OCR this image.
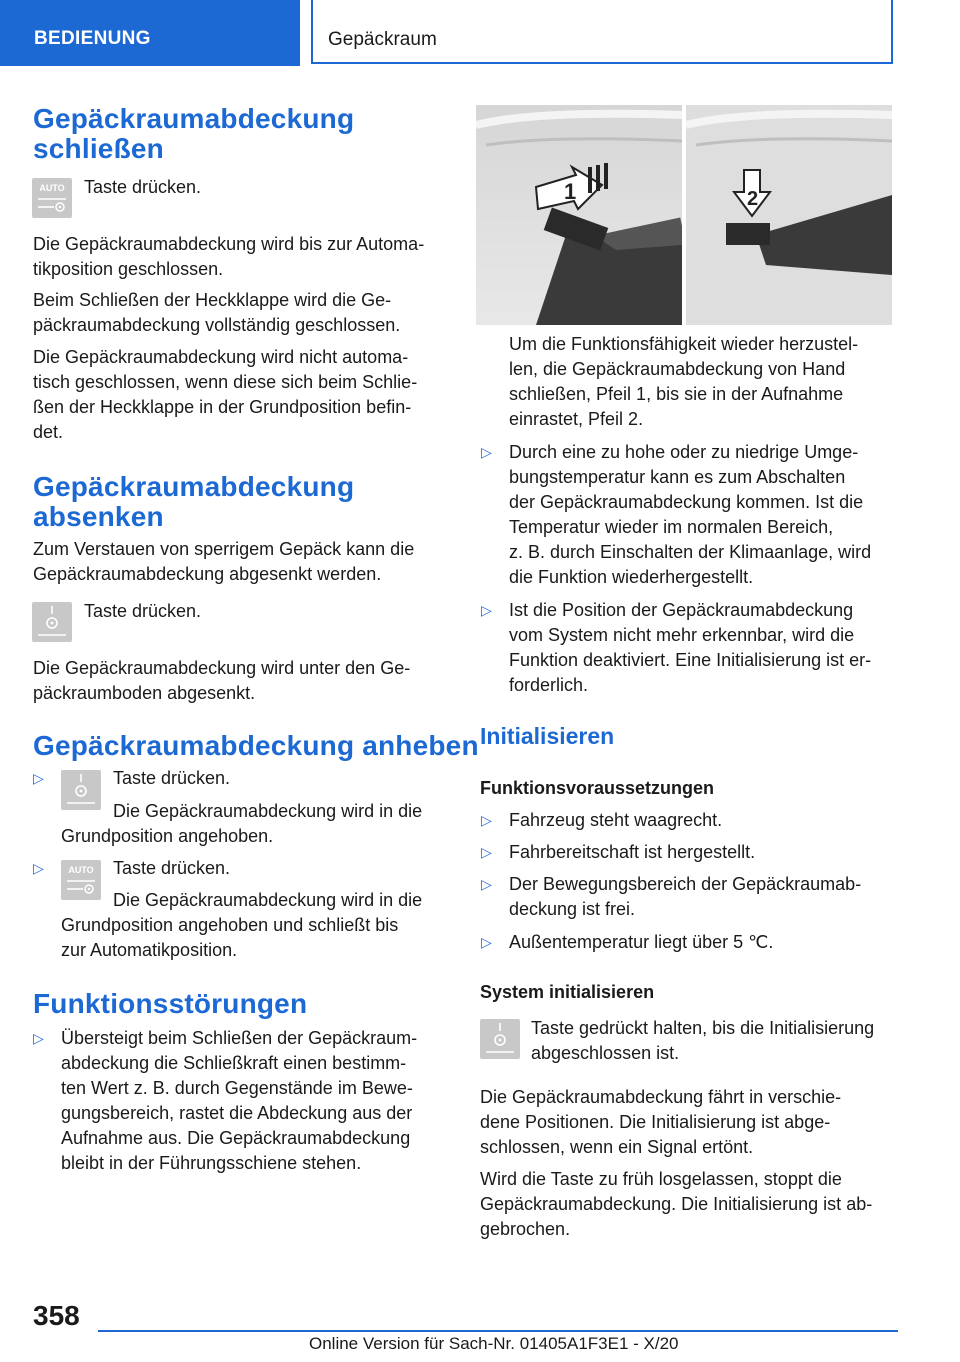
BEDIENUNG	Gepäckraum
Gepäckraumabdeckung
schließen
AUTO Taste drücken.
Die Gepäckraumabdeckung wird bis zur Automa‐
tikposition geschlossen.
Beim Schließen der Heckklappe wird die Ge‐
päckraumabdeckung vollständig geschlossen.
Die Gepäckraumabdeckung wird nicht automa‐
tisch geschlossen, wenn diese sich beim Schlie‐
ßen der Heckklappe in der Grundposition befin‐
det.
Gepäckraumabdeckung
absenken
Zum Verstauen von sperrigem Gepäck kann die
Gepäckraumabdeckung abgesenkt werden.
Taste drücken.
Die Gepäckraumabdeckung wird unter den Ge‐
päckraumboden abgesenkt.
Gepäckraumabdeckung anheben
▷	Taste drücken.
Die Gepäckraumabdeckung wird in die
Grundposition angehoben.
▷	AUTO Taste drücken.
Die Gepäckraumabdeckung wird in die
Grundposition angehoben und schließt bis
zur Automatikposition.
Funktionsstörungen
▷ Übersteigt beim Schließen der Gepäckraum‐
abdeckung die Schließkraft einen bestimm‐
ten Wert z. B. durch Gegenstände im Bewe‐
gungsbereich, rastet die Abdeckung aus der
Aufnahme aus. Die Gepäckraumabdeckung
bleibt in der Führungsschiene stehen.
1	2
Um die Funktionsfähigkeit wieder herzustel‐
len, die Gepäckraumabdeckung von Hand
schließen, Pfeil 1, bis sie in der Aufnahme
einrastet, Pfeil 2.
▷ Durch eine zu hohe oder zu niedrige Umge‐
bungstemperatur kann es zum Abschalten
der Gepäckraumabdeckung kommen. Ist die
Temperatur wieder im normalen Bereich,
z. B. durch Einschalten der Klimaanlage, wird
die Funktion wiederhergestellt.
▷ Ist die Position der Gepäckraumabdeckung
vom System nicht mehr erkennbar, wird die
Funktion deaktiviert. Eine Initialisierung ist er‐
forderlich.
Initialisieren
Funktionsvoraussetzungen
▷ Fahrzeug steht waagrecht.
▷ Fahrbereitschaft ist hergestellt.
▷ Der Bewegungsbereich der Gepäckraumab‐
deckung ist frei.
▷ Außentemperatur liegt über 5 ℃.
System initialisieren
Taste gedrückt halten, bis die Initialisierung
abgeschlossen ist.
Die Gepäckraumabdeckung fährt in verschie‐
dene Positionen. Die Initialisierung ist abge‐
schlossen, wenn ein Signal ertönt.
Wird die Taste zu früh losgelassen, stoppt die
Gepäckraumabdeckung. Die Initialisierung ist ab‐
gebrochen.
358
Online Version für Sach-Nr. 01405A1F3E1 - X/20
